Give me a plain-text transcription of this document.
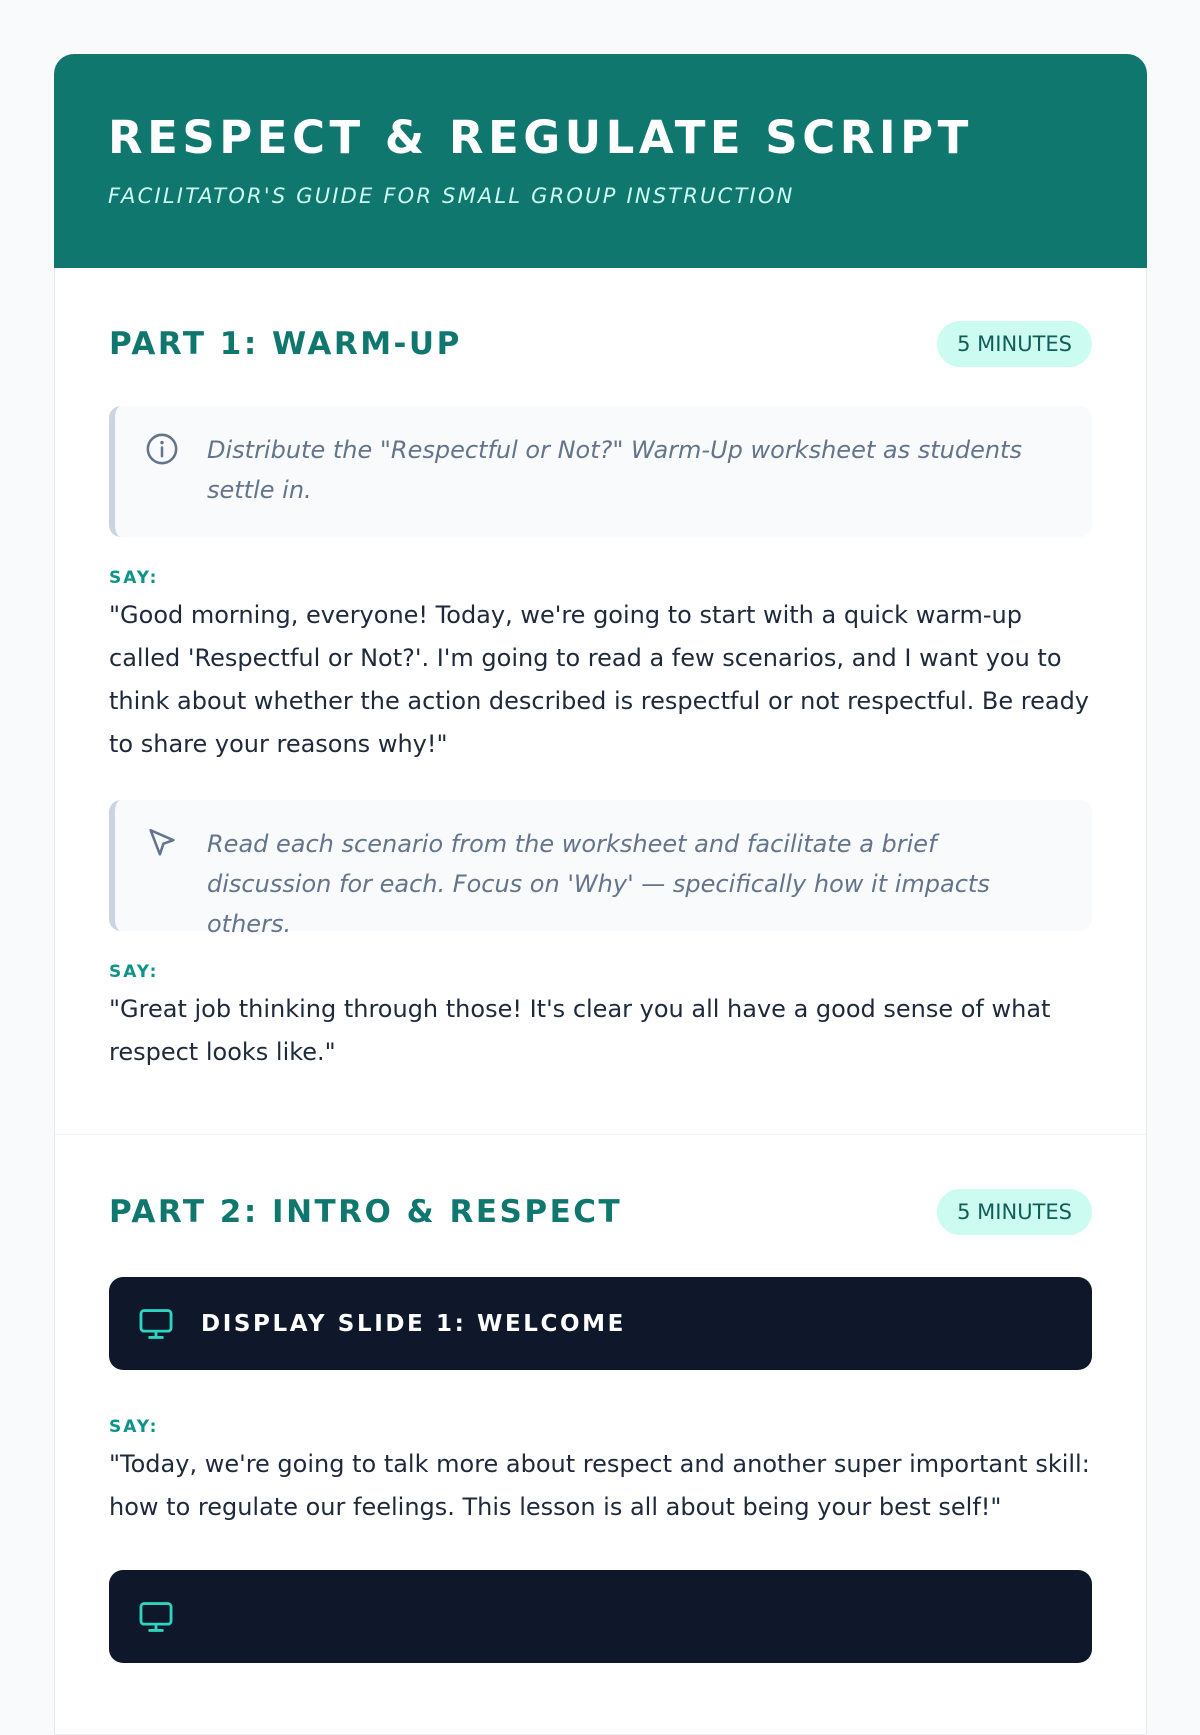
RESPECT & REGULATE SCRIPT
FACILITATOR'S GUIDE FOR SMALL GROUP INSTRUCTION
PART 1: WARM-UP	5 MINUTES
Distribute the "Respectful or Not?" Warm-Up worksheet as students settle in.
SAY:
"Good morning, everyone! Today, we're going to start with a quick warm-up called 'Respectful or Not?'. I'm going to read a few scenarios, and I want you to think about whether the action described is respectful or not respectful. Be ready to share your reasons why!"
Read each scenario from the worksheet and facilitate a brief discussion for each. Focus on 'Why' — specifically how it impacts others.
SAY:
"Great job thinking through those! It's clear you all have a good sense of what respect looks like."
PART 2: INTRO & RESPECT	5 MINUTES
DISPLAY SLIDE 1: WELCOME
SAY:
"Today, we're going to talk more about respect and another super important skill: how to regulate our feelings. This lesson is all about being your best self!"
